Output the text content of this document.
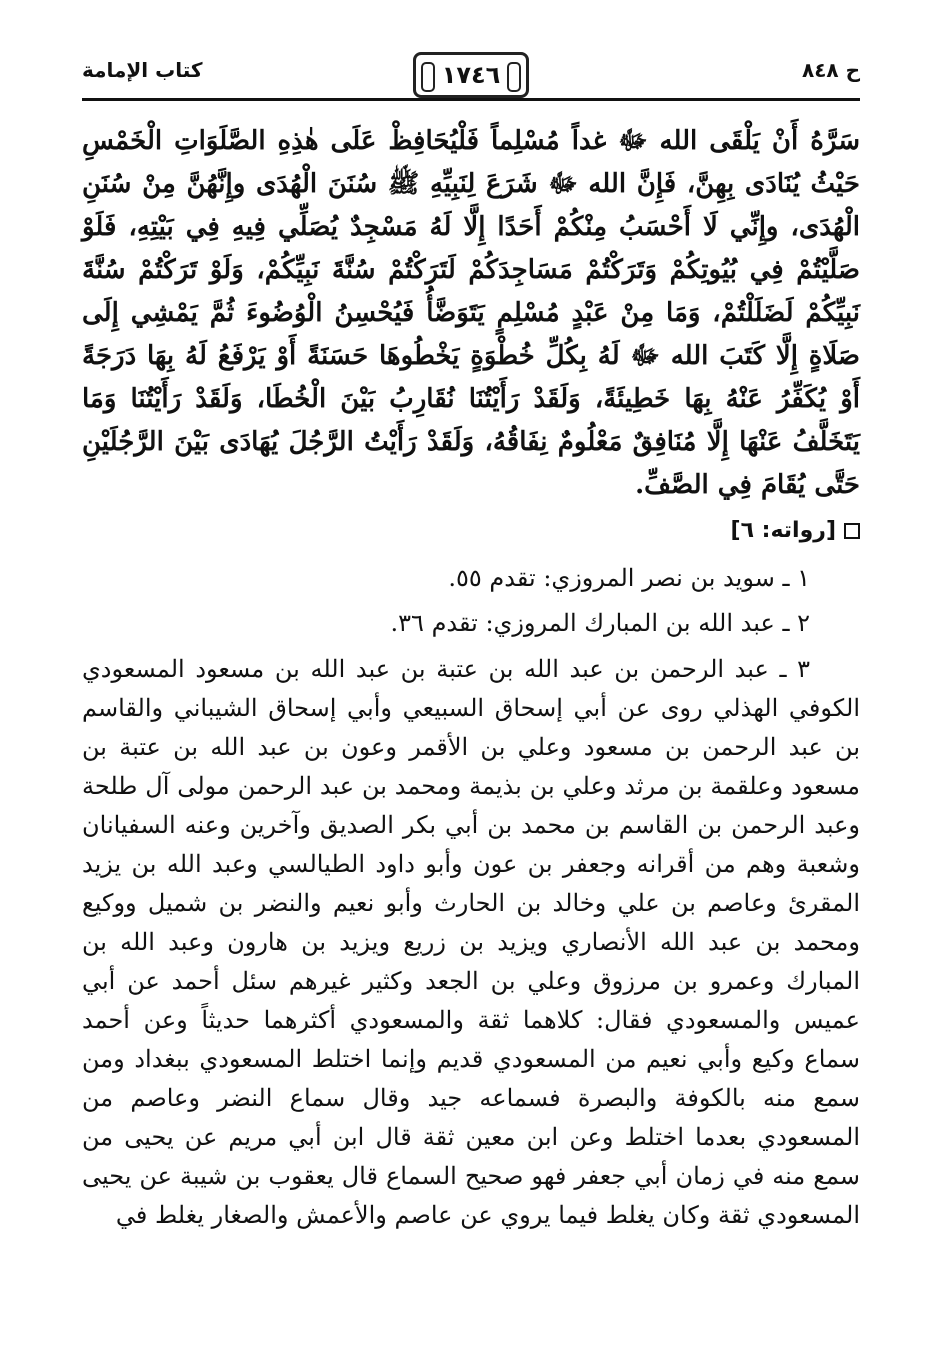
ح ٨٤٨
١٧٤٦
كتاب الإمامة
سَرَّهُ أَنْ يَلْقَى الله ﷻ غداً مُسْلِماً فَلْيُحَافِظْ عَلَى هٰذِهِ الصَّلَوَاتِ الْخَمْسِ حَيْثُ يُنَادَى بِهِنَّ، فَإِنَّ الله ﷻ شَرَعَ لِنَبِيِّهِ ﷺ سُنَنَ الْهُدَى وإِنَّهُنَّ مِنْ سُنَنِ الْهُدَى، وإِنِّي لَا أَحْسَبُ مِنْكُمْ أَحَدًا إِلَّا لَهُ مَسْجِدٌ يُصَلِّي فِيهِ فِي بَيْتِهِ، فَلَوْ صَلَّيْتُمْ فِي بُيُوتِكُمْ وَتَرَكْتُمْ مَسَاجِدَكُمْ لَتَرَكْتُمْ سُنَّةَ نَبِيِّكُمْ، وَلَوْ تَرَكْتُمْ سُنَّةَ نَبِيِّكُمْ لَضَلَلْتُمْ، وَمَا مِنْ عَبْدٍ مُسْلِمٍ يَتَوَضَّأُ فَيُحْسِنُ الْوُضُوءَ ثُمَّ يَمْشِي إِلَى صَلَاةٍ إِلَّا كَتَبَ الله ﷻ لَهُ بِكُلِّ خُطْوَةٍ يَخْطُوهَا حَسَنَةً أَوْ يَرْفَعُ لَهُ بِهَا دَرَجَةً أَوْ يُكَفِّرُ عَنْهُ بِهَا خَطِيئَةً، وَلَقَدْ رَأَيْتُنَا نُقَارِبُ بَيْنَ الْخُطَا، وَلَقَدْ رَأَيْتُنَا وَمَا يَتَخَلَّفُ عَنْهَا إِلَّا مُنَافِقٌ مَعْلُومٌ نِفَاقُهُ، وَلَقَدْ رَأَيْتُ الرَّجُلَ يُهَادَى بَيْنَ الرَّجُلَيْنِ حَتَّى يُقَامَ فِي الصَّفِّ.
[رواته: ٦]
١ ـ سويد بن نصر المروزي: تقدم ٥٥.
٢ ـ عبد الله بن المبارك المروزي: تقدم ٣٦.
٣ ـ عبد الرحمن بن عبد الله بن عتبة بن عبد الله بن مسعود المسعودي الكوفي الهذلي روى عن أبي إسحاق السبيعي وأبي إسحاق الشيباني والقاسم بن عبد الرحمن بن مسعود وعلي بن الأقمر وعون بن عبد الله بن عتبة بن مسعود وعلقمة بن مرثد وعلي بن بذيمة ومحمد بن عبد الرحمن مولى آل طلحة وعبد الرحمن بن القاسم بن محمد بن أبي بكر الصديق وآخرين وعنه السفيانان وشعبة وهم من أقرانه وجعفر بن عون وأبو داود الطيالسي وعبد الله بن يزيد المقرئ وعاصم بن علي وخالد بن الحارث وأبو نعيم والنضر بن شميل ووكيع ومحمد بن عبد الله الأنصاري ويزيد بن زريع ويزيد بن هارون وعبد الله بن المبارك وعمرو بن مرزوق وعلي بن الجعد وكثير غيرهم سئل أحمد عن أبي عميس والمسعودي فقال: كلاهما ثقة والمسعودي أكثرهما حديثاً وعن أحمد سماع وكيع وأبي نعيم من المسعودي قديم وإنما اختلط المسعودي ببغداد ومن سمع منه بالكوفة والبصرة فسماعه جيد وقال سماع النضر وعاصم من المسعودي بعدما اختلط وعن ابن معين ثقة قال ابن أبي مريم عن يحيى من سمع منه في زمان أبي جعفر فهو صحيح السماع قال يعقوب بن شيبة عن يحيى المسعودي ثقة وكان يغلط فيما يروي عن عاصم والأعمش والصغار يغلط في
